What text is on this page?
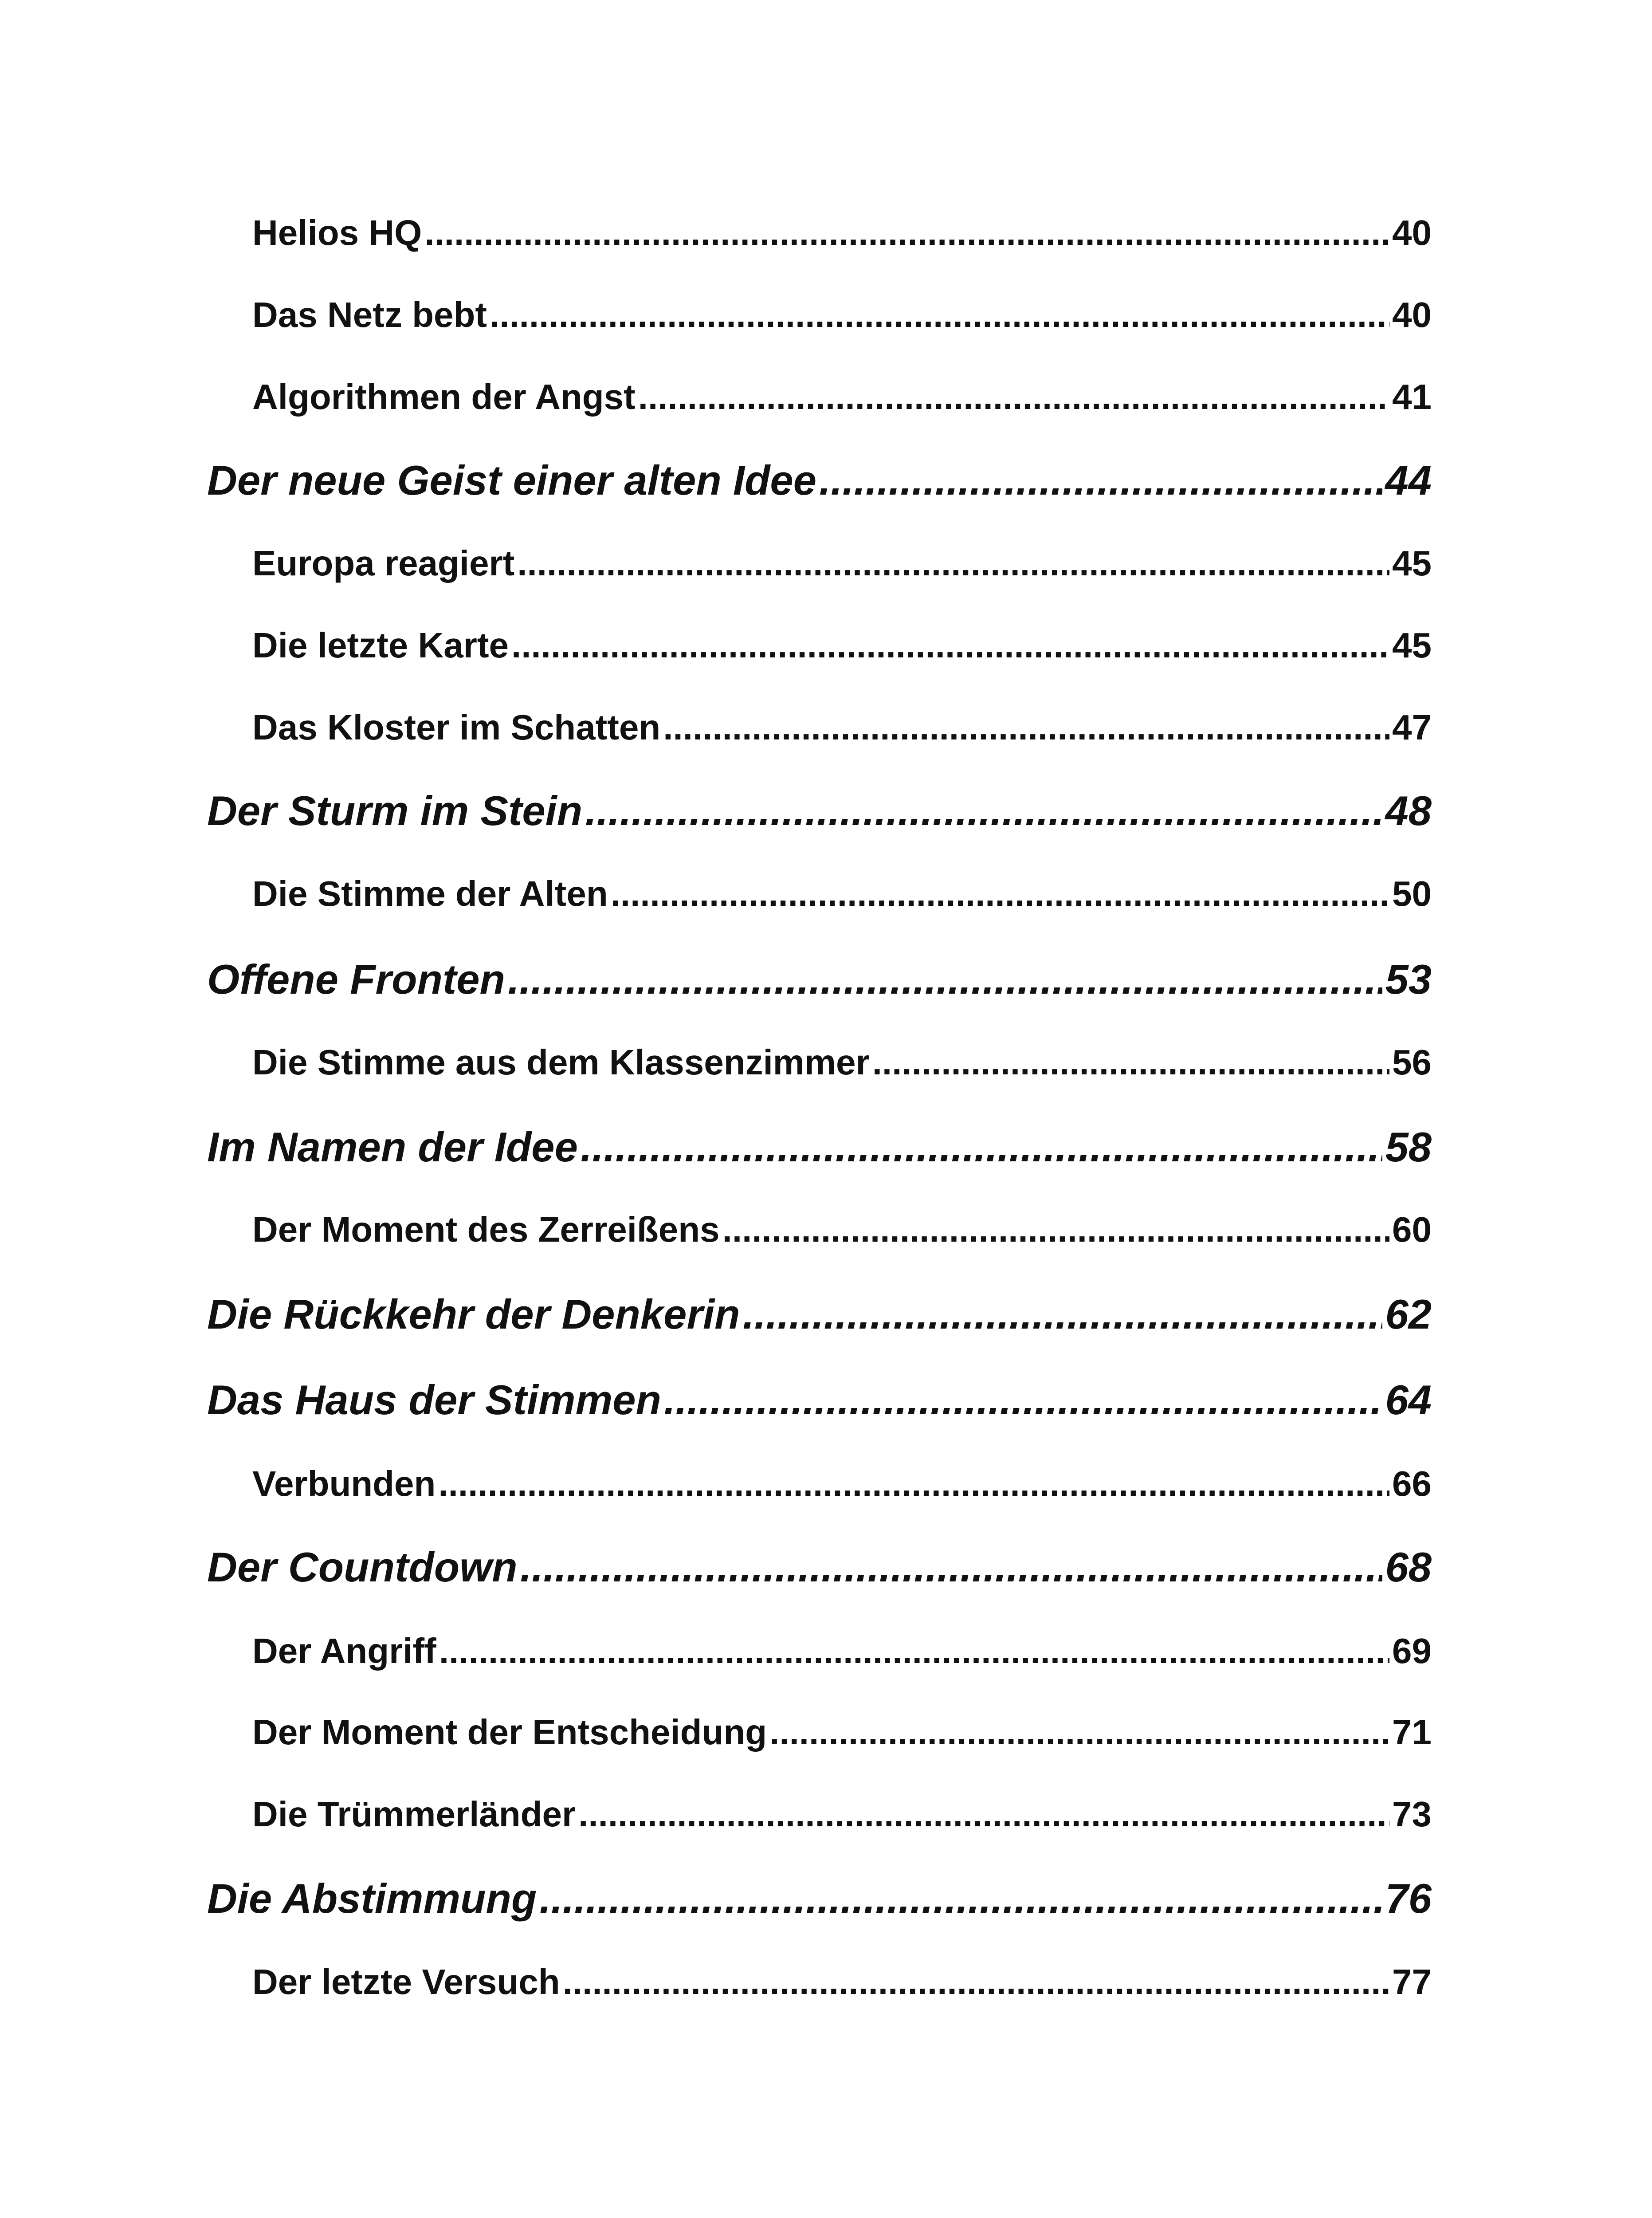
Helios HQ .....	40
Das Netz bebt .....	40
Algorithmen der Angst .....	41
Der neue Geist einer alten Idee .....	44
Europa reagiert .....	45
Die letzte Karte .....	45
Das Kloster im Schatten .....	47
Der Sturm im Stein .....	48
Die Stimme der Alten .....	50
Offene Fronten .....	53
Die Stimme aus dem Klassenzimmer .....	56
Im Namen der Idee .....	58
Der Moment des Zerreißens .....	60
Die Rückkehr der Denkerin .....	62
Das Haus der Stimmen .....	64
Verbunden .....	66
Der Countdown .....	68
Der Angriff .....	69
Der Moment der Entscheidung .....	71
Die Trümmerländer .....	73
Die Abstimmung .....	76
Der letzte Versuch .....	77
